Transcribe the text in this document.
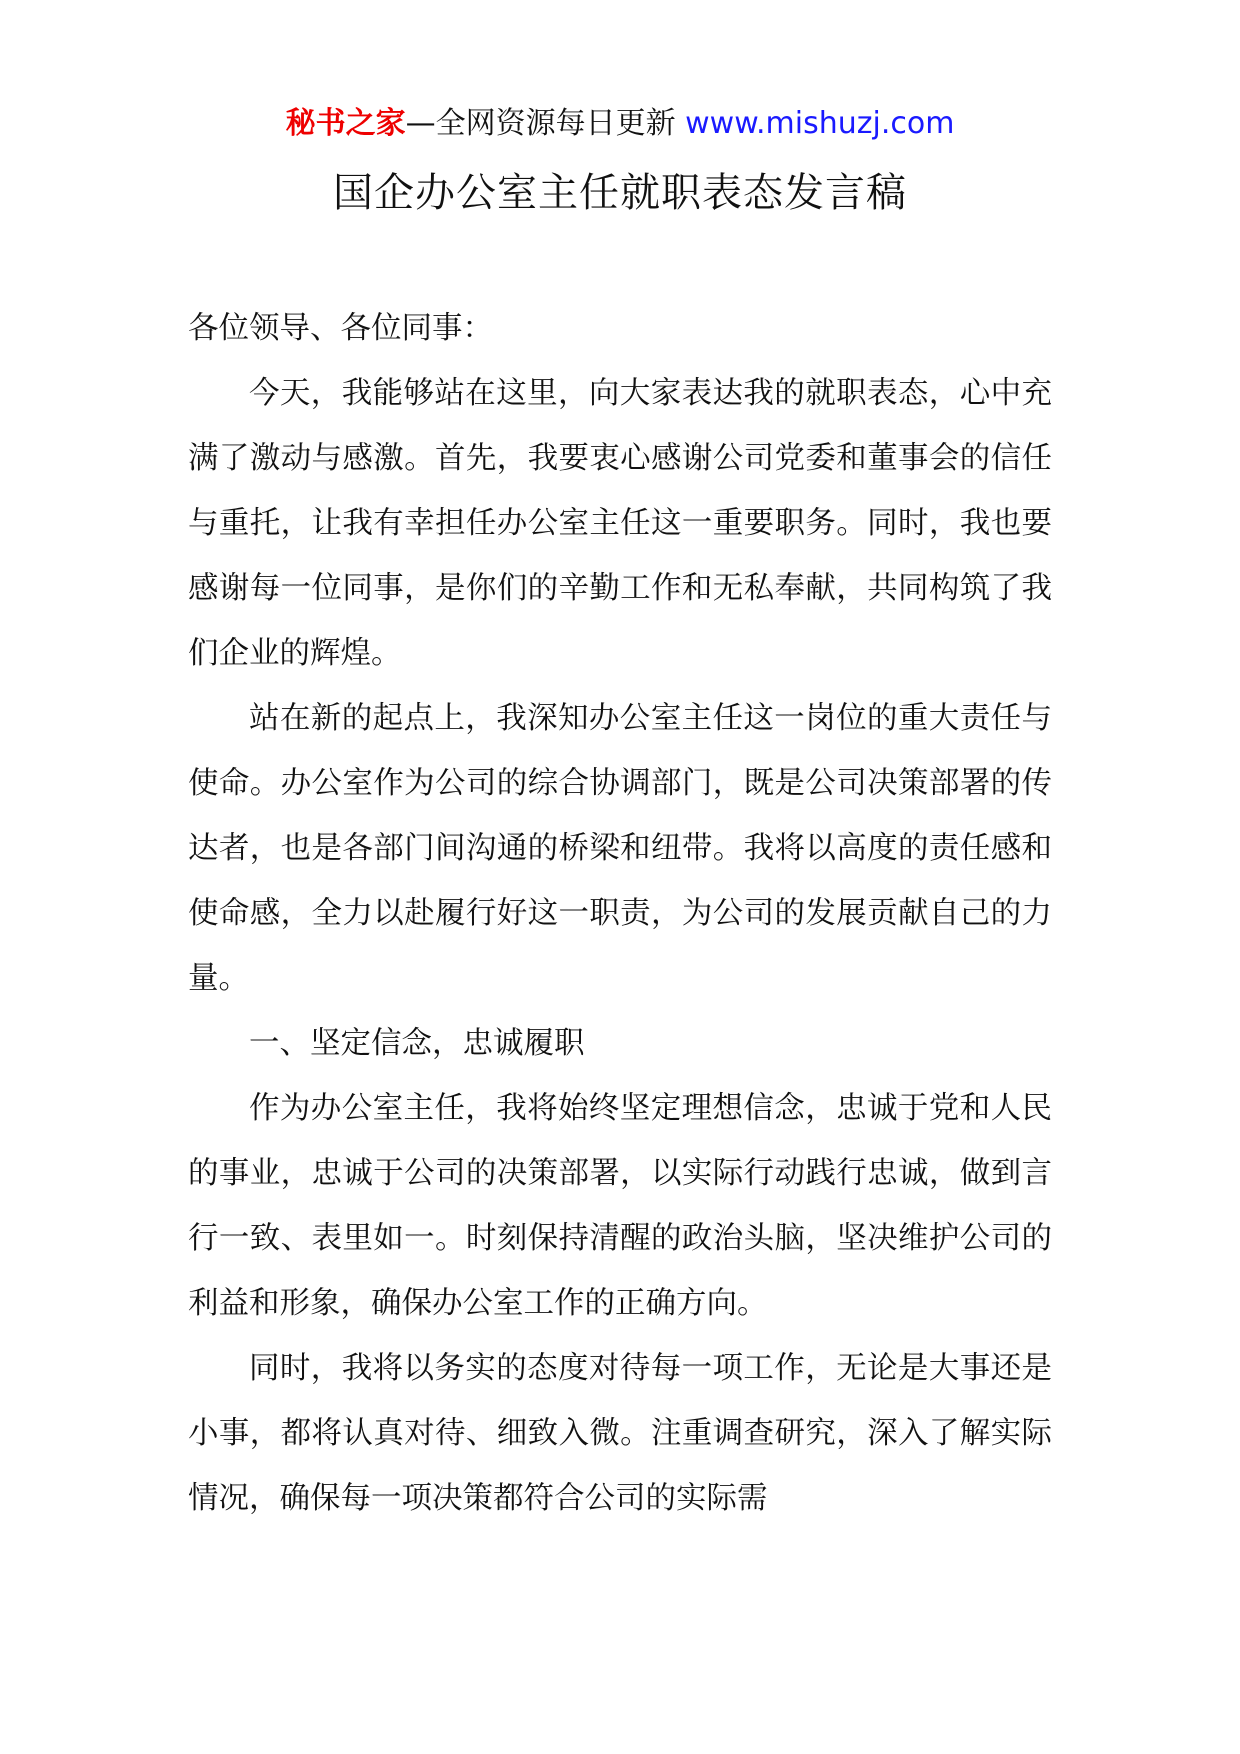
秘书之家—全网资源每日更新 www.mishuzj.com
国企办公室主任就职表态发言稿

各位领导、各位同事：

今天，我能够站在这里，向大家表达我的就职表态，心中充满了激动与感激。首先，我要衷心感谢公司党委和董事会的信任与重托，让我有幸担任办公室主任这一重要职务。同时，我也要感谢每一位同事，是你们的辛勤工作和无私奉献，共同构筑了我们企业的辉煌。

站在新的起点上，我深知办公室主任这一岗位的重大责任与使命。办公室作为公司的综合协调部门，既是公司决策部署的传达者，也是各部门间沟通的桥梁和纽带。我将以高度的责任感和使命感，全力以赴履行好这一职责，为公司的发展贡献自己的力量。

一、坚定信念，忠诚履职

作为办公室主任，我将始终坚定理想信念，忠诚于党和人民的事业，忠诚于公司的决策部署，以实际行动践行忠诚，做到言行一致、表里如一。时刻保持清醒的政治头脑，坚决维护公司的利益和形象，确保办公室工作的正确方向。

同时，我将以务实的态度对待每一项工作，无论是大事还是小事，都将认真对待、细致入微。注重调查研究，深入了解实际情况，确保每一项决策都符合公司的实际需
